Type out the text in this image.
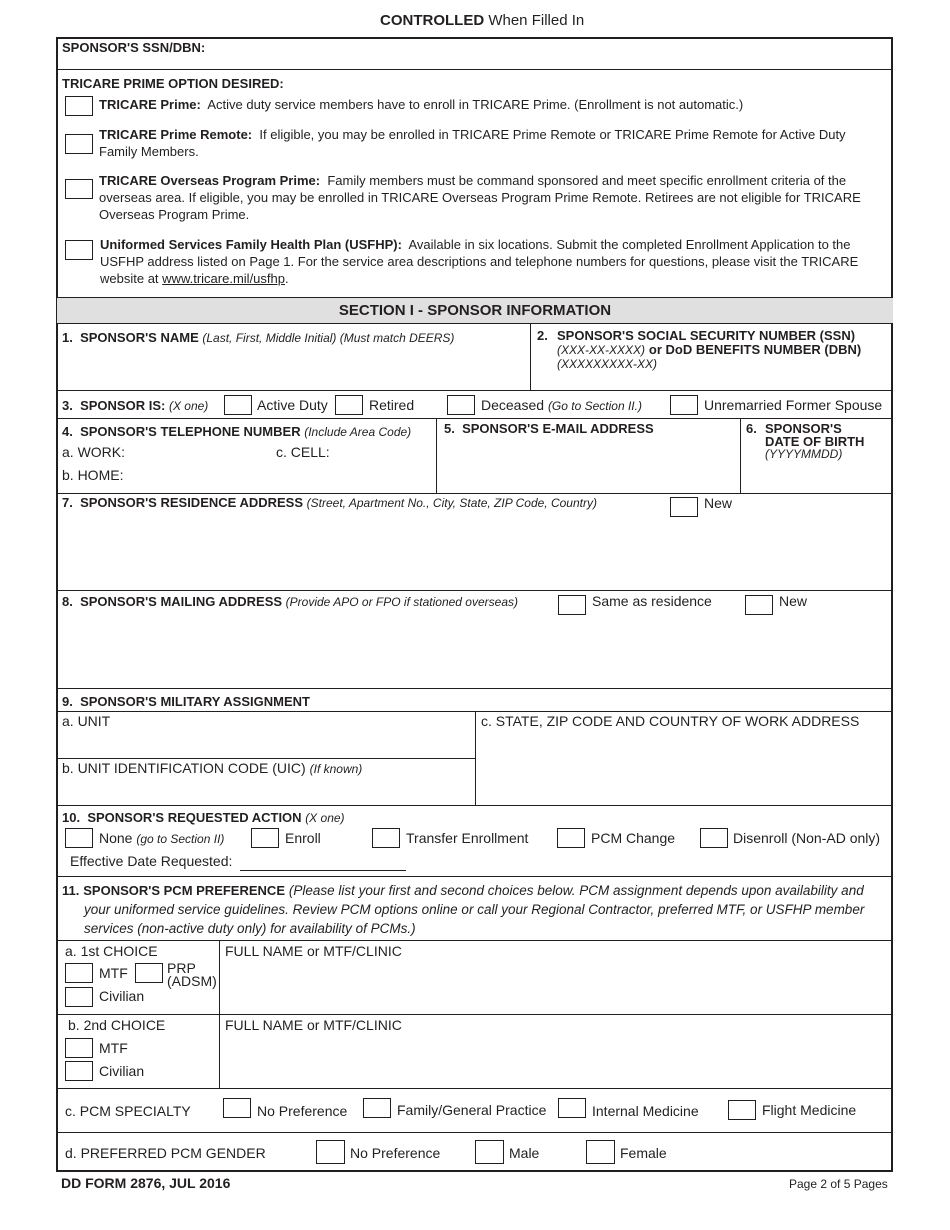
CONTROLLED When Filled In
SPONSOR'S SSN/DBN:
TRICARE PRIME OPTION DESIRED:
TRICARE Prime: Active duty service members have to enroll in TRICARE Prime. (Enrollment is not automatic.)
TRICARE Prime Remote: If eligible, you may be enrolled in TRICARE Prime Remote or TRICARE Prime Remote for Active Duty Family Members.
TRICARE Overseas Program Prime: Family members must be command sponsored and meet specific enrollment criteria of the overseas area. If eligible, you may be enrolled in TRICARE Overseas Program Prime Remote. Retirees are not eligible for TRICARE Overseas Program Prime.
Uniformed Services Family Health Plan (USFHP): Available in six locations. Submit the completed Enrollment Application to the USFHP address listed on Page 1. For the service area descriptions and telephone numbers for questions, please visit the TRICARE website at www.tricare.mil/usfhp.
SECTION I - SPONSOR INFORMATION
1. SPONSOR'S NAME (Last, First, Middle Initial) (Must match DEERS)	2. SPONSOR'S SOCIAL SECURITY NUMBER (SSN)
(XXX-XX-XXXX) or DoD BENEFITS NUMBER (DBN)
(XXXXXXXXX-XX)
3. SPONSOR IS: (X one)	Active Duty	Retired	Deceased (Go to Section II.)	Unremarried Former Spouse
4. SPONSOR'S TELEPHONE NUMBER (Include Area Code)
a. WORK:	c. CELL:
b. HOME:
5. SPONSOR'S E-MAIL ADDRESS	6. SPONSOR'S
DATE OF BIRTH
(YYYYMMDD)
7. SPONSOR'S RESIDENCE ADDRESS (Street, Apartment No., City, State, ZIP Code, Country)	New
8. SPONSOR'S MAILING ADDRESS (Provide APO or FPO if stationed overseas)	Same as residence	New
9. SPONSOR'S MILITARY ASSIGNMENT
a. UNIT
b. UNIT IDENTIFICATION CODE (UIC) (If known)
c. STATE, ZIP CODE AND COUNTRY OF WORK ADDRESS
10. SPONSOR'S REQUESTED ACTION (X one)
None (go to Section II)	Enroll	Transfer Enrollment	PCM Change	Disenroll (Non-AD only)
Effective Date Requested:
11. SPONSOR'S PCM PREFERENCE (Please list your first and second choices below. PCM assignment depends upon availability and your uniformed service guidelines. Review PCM options online or call your Regional Contractor, preferred MTF, or USFHP member services (non-active duty only) for availability of PCMs.)
a. 1st CHOICE
MTF	PRP
(ADSM)
Civilian
FULL NAME or MTF/CLINIC
b. 2nd CHOICE
MTF
Civilian
FULL NAME or MTF/CLINIC
c. PCM SPECIALTY	No Preference	Family/General Practice	Internal Medicine	Flight Medicine
d. PREFERRED PCM GENDER	No Preference	Male	Female
DD FORM 2876, JUL 2016	Page 2 of 5 Pages
